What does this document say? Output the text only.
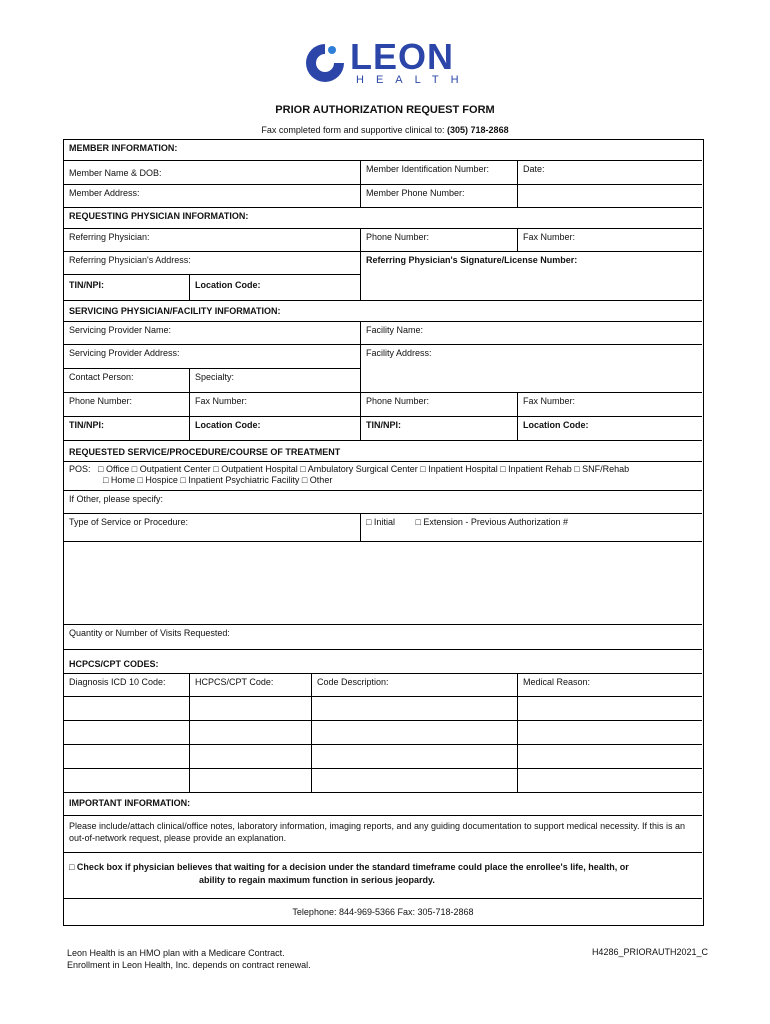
LEON
HEALTH
PRIOR AUTHORIZATION REQUEST FORM
Fax completed form and supportive clinical to: (305) 718-2868
MEMBER INFORMATION:
Member Name & DOB:	Member Identification Number:	Date:
Member Address:	Member Phone Number:
REQUESTING PHYSICIAN INFORMATION:
Referring Physician:	Phone Number:	Fax Number:
Referring Physician's Address:	Referring Physician's Signature/License Number:
TIN/NPI:	Location Code:
SERVICING PHYSICIAN/FACILITY INFORMATION:
Servicing Provider Name:	Facility Name:
Servicing Provider Address:	Facility Address:
Contact Person:	Specialty:
Phone Number:	Fax Number:	Phone Number:	Fax Number:
TIN/NPI:	Location Code:	TIN/NPI:	Location Code:
REQUESTED SERVICE/PROCEDURE/COURSE OF TREATMENT
POS: □ Office □ Outpatient Center □ Outpatient Hospital □ Ambulatory Surgical Center □ Inpatient Hospital □ Inpatient Rehab □ SNF/Rehab
□ Home □ Hospice □ Inpatient Psychiatric Facility □ Other
If Other, please specify:
Type of Service or Procedure:	□ Initial □ Extension - Previous Authorization #
Quantity or Number of Visits Requested:
HCPCS/CPT CODES:
Diagnosis ICD 10 Code:	HCPCS/CPT Code:	Code Description:	Medical Reason:
IMPORTANT INFORMATION:
Please include/attach clinical/office notes, laboratory information, imaging reports, and any guiding documentation to support medical necessity. If this is an out-of-network request, please provide an explanation.
□ Check box if physician believes that waiting for a decision under the standard timeframe could place the enrollee's life, health, or
ability to regain maximum function in serious jeopardy.
Telephone: 844-969-5366 Fax: 305-718-2868
Leon Health is an HMO plan with a Medicare Contract.
Enrollment in Leon Health, Inc. depends on contract renewal.
H4286_PRIORAUTH2021_C
